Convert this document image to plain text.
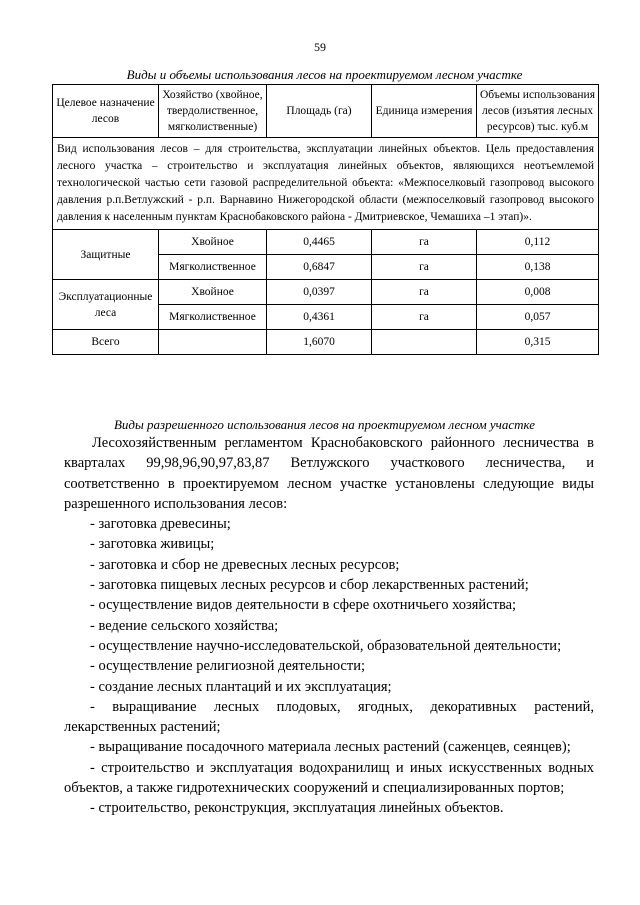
59
Виды и объемы использования лесов на проектируемом лесном участке
Целевое назначение лесов	Хозяйство (хвойное, твердолиственное, мягколиственные)	Площадь (га)	Единица измерения	Объемы использования лесов (изъятия лесных ресурсов) тыс. куб.м
Вид использования лесов – для строительства, эксплуатации линейных объектов. Цель предоставления лесного участка – строительство и эксплуатация линейных объектов, являющихся неотъемлемой технологической частью сети газовой распределительной объекта: «Межпоселковый газопровод высокого давления р.п.Ветлужский - р.п. Варнавино Нижегородской области (межпоселковый газопровод высокого давления к населенным пунктам Краснобаковского района - Дмитриевское, Чемашиха –1 этап)».				
Защитные	Хвойное	0,4465	га	0,112
	Мягколиственное	0,6847	га	0,138
Эксплуатационные леса	Хвойное	0,0397	га	0,008
	Мягколиственное	0,4361	га	0,057
Всего		1,6070		0,315
Виды разрешенного использования лесов на проектируемом лесном участке

Лесохозяйственным регламентом Краснобаковского районного лесничества в кварталах 99,98,96,90,97,83,87 Ветлужского участкового лесничества, и соответственно в проектируемом лесном участке установлены следующие виды разрешенного использования лесов:

- заготовка древесины;

- заготовка живицы;

- заготовка и сбор не древесных лесных ресурсов;

- заготовка пищевых лесных ресурсов и сбор лекарственных растений;

- осуществление видов деятельности в сфере охотничьего хозяйства;

- ведение сельского хозяйства;

- осуществление научно-исследовательской, образовательной деятельности;

- осуществление религиозной деятельности;

- создание лесных плантаций и их эксплуатация;

- выращивание лесных плодовых, ягодных, декоративных растений, лекарственных растений;

- выращивание посадочного материала лесных растений (саженцев, сеянцев);

- строительство и эксплуатация водохранилищ и иных искусственных водных объектов, а также гидротехнических сооружений и специализированных портов;

- строительство, реконструкция, эксплуатация линейных объектов.
